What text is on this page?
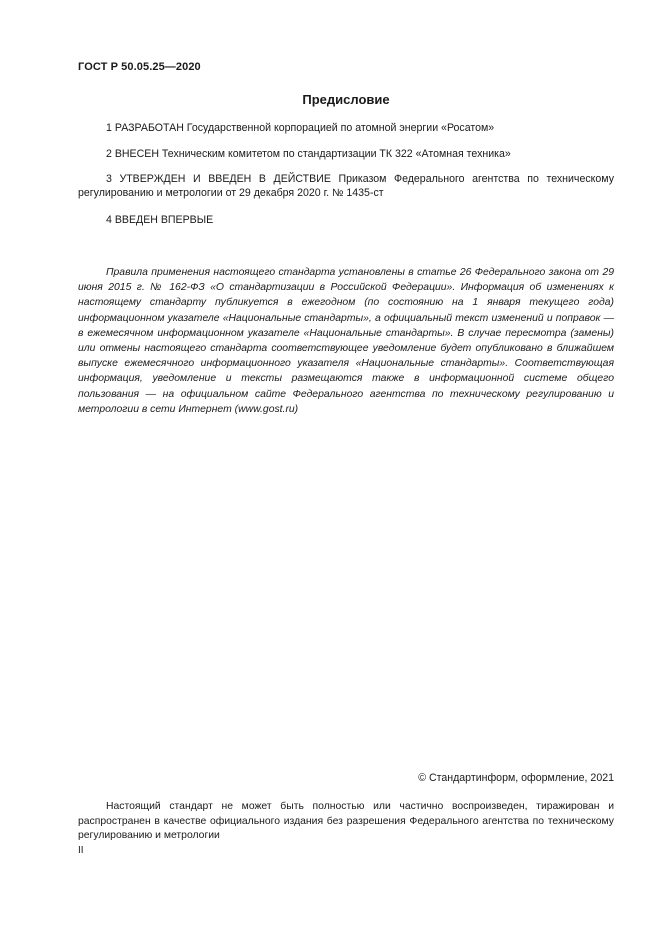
ГОСТ Р 50.05.25—2020
Предисловие

1 РАЗРАБОТАН Государственной корпорацией по атомной энергии «Росатом»

2 ВНЕСЕН Техническим комитетом по стандартизации ТК 322 «Атомная техника»

3 УТВЕРЖДЕН И ВВЕДЕН В ДЕЙСТВИЕ Приказом Федерального агентства по техническому регулированию и метрологии от 29 декабря 2020 г. № 1435-ст

4 ВВЕДЕН ВПЕРВЫЕ

Правила применения настоящего стандарта установлены в статье 26 Федерального закона от 29 июня 2015 г. № 162-ФЗ «О стандартизации в Российской Федерации». Информация об изменениях к настоящему стандарту публикуется в ежегодном (по состоянию на 1 января текущего года) информационном указателе «Национальные стандарты», а официальный текст изменений и поправок — в ежемесячном информационном указателе «Национальные стандарты». В случае пересмотра (замены) или отмены настоящего стандарта соответствующее уведомление будет опубликовано в ближайшем выпуске ежемесячного информационного указателя «Национальные стандарты». Соответствующая информация, уведомление и тексты размещаются также в информационной системе общего пользования — на официальном сайте Федерального агентства по техническому регулированию и метрологии в сети Интернет (www.gost.ru)

© Стандартинформ, оформление, 2021

Настоящий стандарт не может быть полностью или частично воспроизведен, тиражирован и распространен в качестве официального издания без разрешения Федерального агентства по техническому регулированию и метрологии

II
